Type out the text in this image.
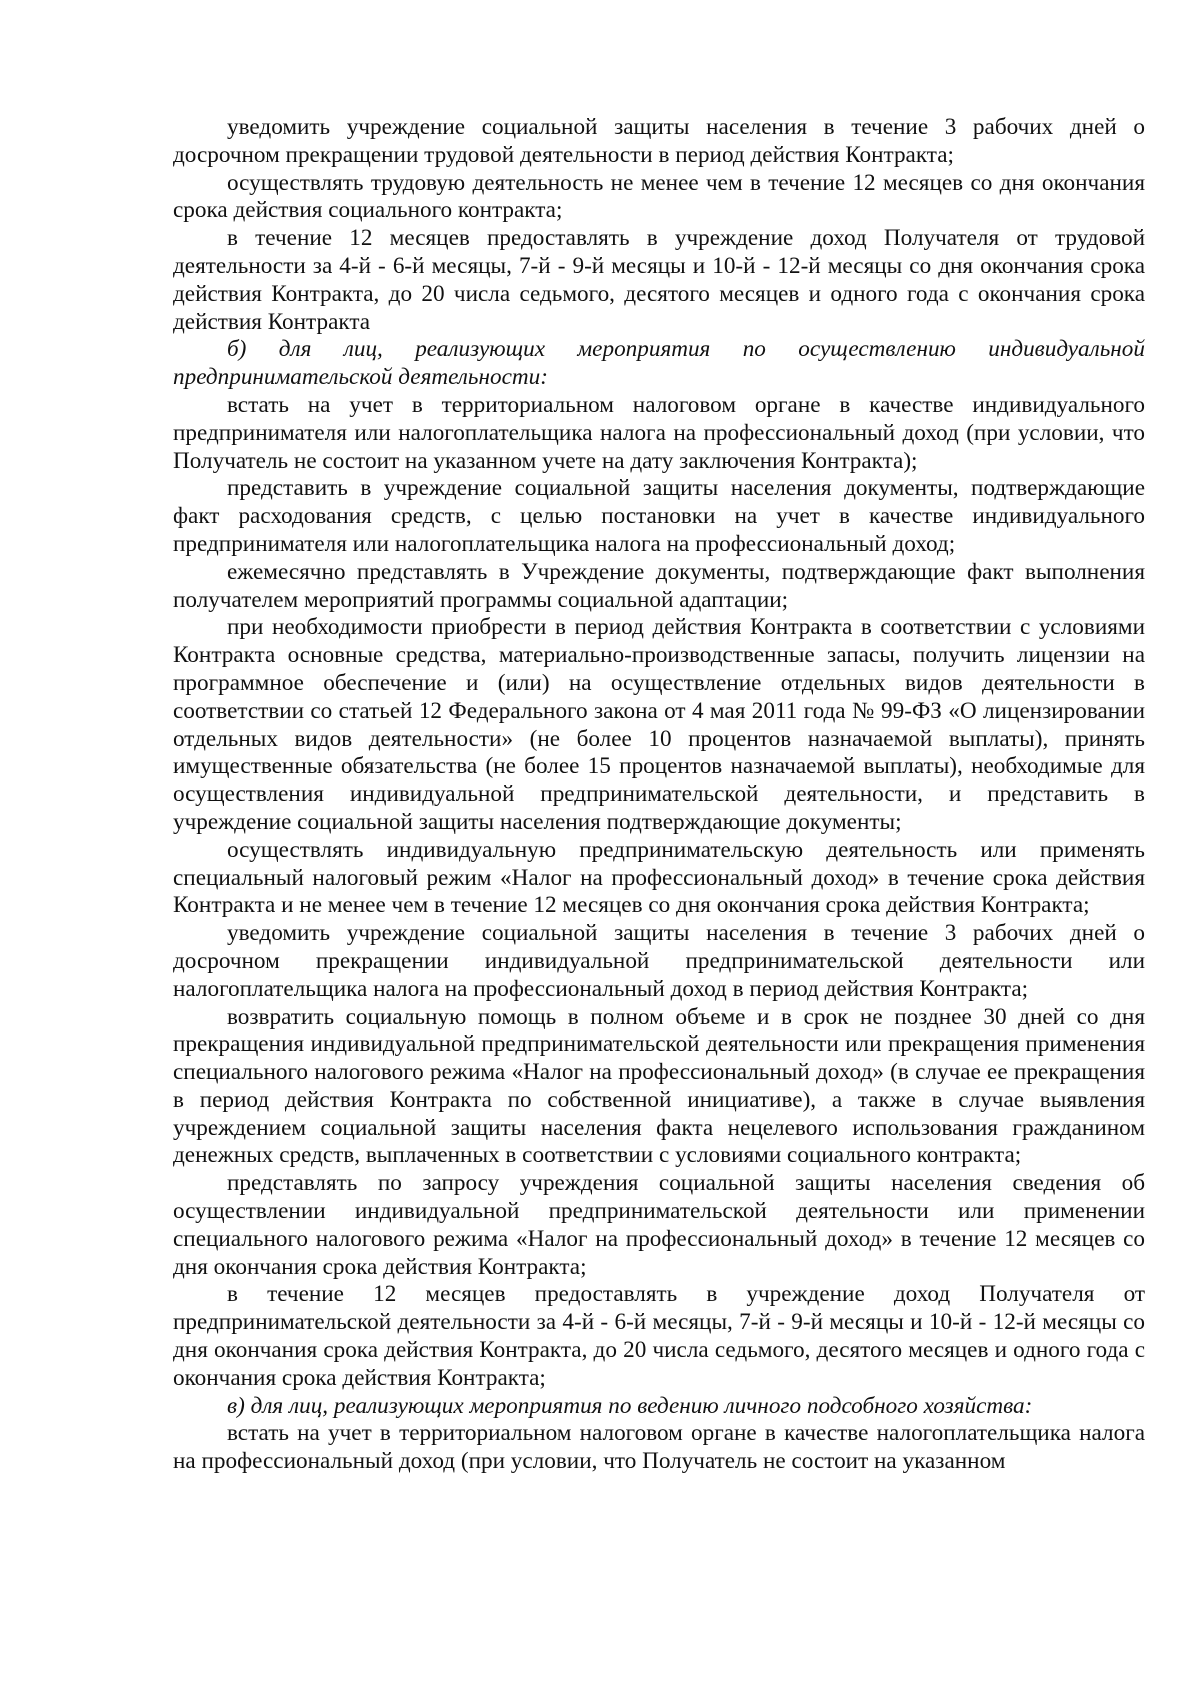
уведомить учреждение социальной защиты населения в течение 3 рабочих дней о досрочном прекращении трудовой деятельности в период действия Контракта;

осуществлять трудовую деятельность не менее чем в течение 12 месяцев со дня окончания срока действия социального контракта;

в течение 12 месяцев предоставлять в учреждение доход Получателя от трудовой деятельности за 4-й - 6-й месяцы, 7-й - 9-й месяцы и 10-й - 12-й месяцы со дня окончания срока действия Контракта, до 20 числа седьмого, десятого месяцев и одного года с окончания срока действия Контракта

б) для лиц, реализующих мероприятия по осуществлению индивидуальной предпринимательской деятельности:

встать на учет в территориальном налоговом органе в качестве индивидуального предпринимателя или налогоплательщика налога на профессиональный доход (при условии, что Получатель не состоит на указанном учете на дату заключения Контракта);

представить в учреждение социальной защиты населения документы, подтверждающие факт расходования средств, с целью постановки на учет в качестве индивидуального предпринимателя или налогоплательщика налога на профессиональный доход;

ежемесячно представлять в Учреждение документы, подтверждающие факт выполнения получателем мероприятий программы социальной адаптации;

при необходимости приобрести в период действия Контракта в соответствии с условиями Контракта основные средства, материально-производственные запасы, получить лицензии на программное обеспечение и (или) на осуществление отдельных видов деятельности в соответствии со статьей 12 Федерального закона от 4 мая 2011 года № 99-ФЗ «О лицензировании отдельных видов деятельности» (не более 10 процентов назначаемой выплаты), принять имущественные обязательства (не более 15 процентов назначаемой выплаты), необходимые для осуществления индивидуальной предпринимательской деятельности, и представить в учреждение социальной защиты населения подтверждающие документы;

осуществлять индивидуальную предпринимательскую деятельность или применять специальный налоговый режим «Налог на профессиональный доход» в течение срока действия Контракта и не менее чем в течение 12 месяцев со дня окончания срока действия Контракта;

уведомить учреждение социальной защиты населения в течение 3 рабочих дней о досрочном прекращении индивидуальной предпринимательской деятельности или налогоплательщика налога на профессиональный доход в период действия Контракта;

возвратить социальную помощь в полном объеме и в срок не позднее 30 дней со дня прекращения индивидуальной предпринимательской деятельности или прекращения применения специального налогового режима «Налог на профессиональный доход» (в случае ее прекращения в период действия Контракта по собственной инициативе), а также в случае выявления учреждением социальной защиты населения факта нецелевого использования гражданином денежных средств, выплаченных в соответствии с условиями социального контракта;

представлять по запросу учреждения социальной защиты населения сведения об осуществлении индивидуальной предпринимательской деятельности или применении специального налогового режима «Налог на профессиональный доход» в течение 12 месяцев со дня окончания срока действия Контракта;

в течение 12 месяцев предоставлять в учреждение доход Получателя от предпринимательской деятельности за 4-й - 6-й месяцы, 7-й - 9-й месяцы и 10-й - 12-й месяцы со дня окончания срока действия Контракта, до 20 числа седьмого, десятого месяцев и одного года с окончания срока действия Контракта;

в) для лиц, реализующих мероприятия по ведению личного подсобного хозяйства:

встать на учет в территориальном налоговом органе в качестве налогоплательщика налога на профессиональный доход (при условии, что Получатель не состоит на указанном
